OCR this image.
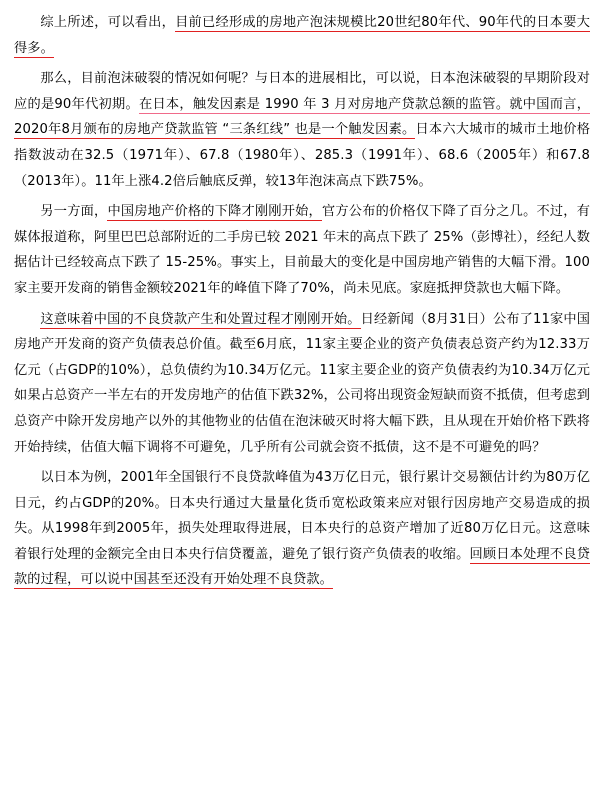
综上所述，可以看出，目前已经形成的房地产泡沫规模比20世纪80年代、90年代的日本要大得多。

那么，目前泡沫破裂的情况如何呢？与日本的进展相比，可以说，日本泡沫破裂的早期阶段对应的是90年代初期。在日本，触发因素是 1990 年 3 月对房地产贷款总额的监管。就中国而言，2020年8月颁布的房地产贷款监管 “三条红线” 也是一个触发因素。日本六大城市的城市土地价格指数波动在32.5（1971年）、67.8（1980年）、285.3（1991年）、68.6（2005年）和67.8（2013年）。11年上涨4.2倍后触底反弹，较13年泡沫高点下跌75%。

另一方面，中国房地产价格的下降才刚刚开始，官方公布的价格仅下降了百分之几。不过，有媒体报道称，阿里巴巴总部附近的二手房已较 2021 年末的高点下跌了 25%（彭博社），经纪人数据估计已经较高点下跌了 15-25%。事实上，目前最大的变化是中国房地产销售的大幅下滑。100家主要开发商的销售金额较2021年的峰值下降了70%，尚未见底。家庭抵押贷款也大幅下降。

这意味着中国的不良贷款产生和处置过程才刚刚开始。日经新闻（8月31日）公布了11家中国房地产开发商的资产负债表总价值。截至6月底，11家主要企业的资产负债表总资产约为12.33万亿元（占GDP的10%），总负债约为10.34万亿元。11家主要企业的资产负债表约为10.34万亿元如果占总资产一半左右的开发房地产的估值下跌32%，公司将出现资金短缺而资不抵债，但考虑到总资产中除开发房地产以外的其他物业的估值在泡沫破灭时将大幅下跌，且从现在开始价格下跌将开始持续，估值大幅下调将不可避免，几乎所有公司就会资不抵债，这不是不可避免的吗？

以日本为例，2001年全国银行不良贷款峰值为43万亿日元，银行累计交易额估计约为80万亿日元，约占GDP的20%。日本央行通过大量量化货币宽松政策来应对银行因房地产交易造成的损失。从1998年到2005年，损失处理取得进展，日本央行的总资产增加了近80万亿日元。这意味着银行处理的金额完全由日本央行信贷覆盖，避免了银行资产负债表的收缩。回顾日本处理不良贷款的过程，可以说中国甚至还没有开始处理不良贷款。
